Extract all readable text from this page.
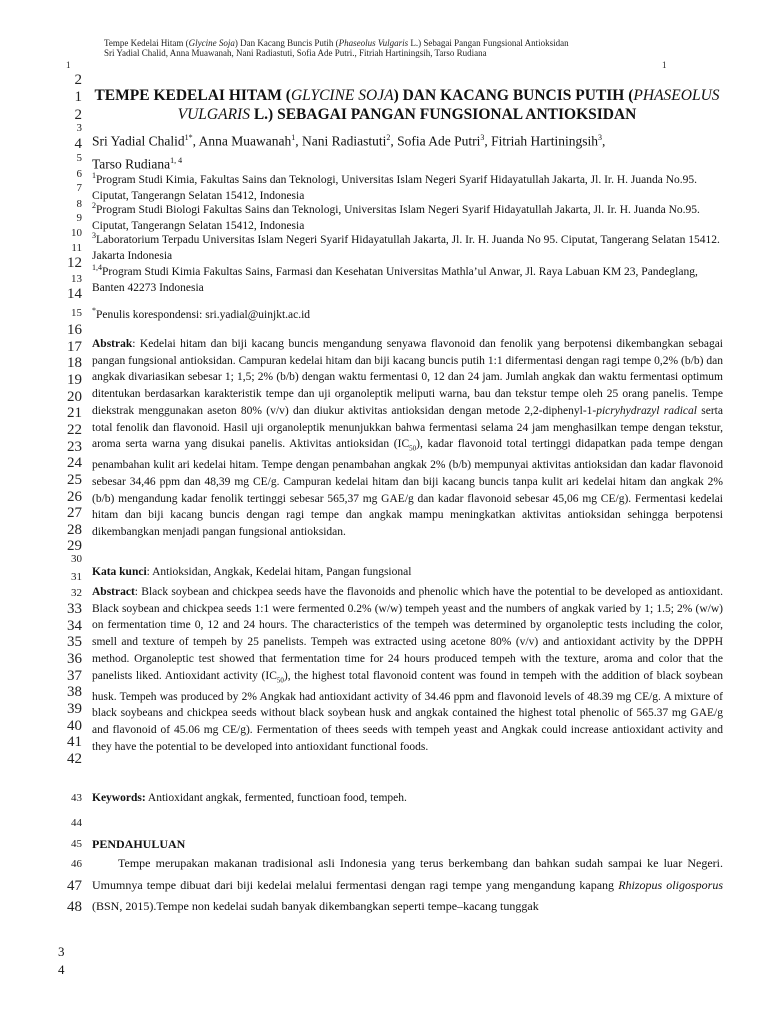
Tempe Kedelai Hitam (Glycine Soja) Dan Kacang Buncis Putih (Phaseolus Vulgaris L.) Sebagai Pangan Fungsional Antioksidan
Sri Yadial Chalid, Anna Muawanah, Nani Radiastuti, Sofia Ade Putri., Fitriah Hartiningsih, Tarso Rudiana
1	1
2
1
2
3
4
5
6
7
8
9
10
11
12
13
14
15
16
17
18
19
20
21
22
23
24
25
26
27
28
29
30
31
32
33
34
35
36
37
38
39
40
41
42
43
44
45
46
47
48
TEMPE KEDELAI HITAM (GLYCINE SOJA) DAN KACANG BUNCIS PUTIH (PHASEOLUS VULGARIS L.) SEBAGAI PANGAN FUNGSIONAL ANTIOKSIDAN
Sri Yadial Chalid$^{1*}$, Anna Muawanah$^1$, Nani Radiastuti$^2$, Sofia Ade Putri$^3$, Fitriah Hartiningsih$^3$,
Tarso Rudiana$^{1, 4}$
$^1$Program Studi Kimia, Fakultas Sains dan Teknologi, Universitas Islam Negeri Syarif Hidayatullah Jakarta, Jl. Ir. H. Juanda No.95. Ciputat, Tangerangn Selatan 15412, Indonesia
$^2$Program Studi Biologi Fakultas Sains dan Teknologi, Universitas Islam Negeri Syarif Hidayatullah Jakarta, Jl. Ir. H. Juanda No.95. Ciputat, Tangerangn Selatan 15412, Indonesia
$^3$Laboratorium Terpadu Universitas Islam Negeri Syarif Hidayatullah Jakarta, Jl. Ir. H. Juanda No 95. Ciputat, Tangerang Selatan 15412. Jakarta Indonesia
$^{1,4}$Program Studi Kimia Fakultas Sains, Farmasi dan Kesehatan Universitas Mathla’ul Anwar, Jl. Raya Labuan KM 23, Pandeglang, Banten 42273 Indonesia
*Penulis korespondensi: sri.yadial@uinjkt.ac.id
Abstrak: Kedelai hitam dan biji kacang buncis mengandung senyawa flavonoid dan fenolik yang berpotensi dikembangkan sebagai pangan fungsional antioksidan. Campuran kedelai hitam dan biji kacang buncis putih 1:1 difermentasi dengan ragi tempe 0,2% (b/b) dan angkak divariasikan sebesar 1; 1,5; 2% (b/b) dengan waktu fermentasi 0, 12 dan 24 jam. Jumlah angkak dan waktu fermentasi optimum ditentukan berdasarkan karakteristik tempe dan uji organoleptik meliputi warna, bau dan tekstur tempe oleh 25 orang panelis. Tempe diekstrak menggunakan aseton 80% (v/v) dan diukur aktivitas antioksidan dengan metode 2,2-diphenyl-1-picryhydrazyl radical serta total fenolik dan flavonoid. Hasil uji organoleptik menunjukkan bahwa fermentasi selama 24 jam menghasilkan tempe dengan tekstur, aroma serta warna yang disukai panelis. Aktivitas antioksidan $(IC_{50})$, kadar flavonoid total tertinggi didapatkan pada tempe dengan penambahan kulit ari kedelai hitam. Tempe dengan penambahan angkak 2% (b/b) mempunyai aktivitas antioksidan dan kadar flavonoid sebesar 34,46 ppm dan 48,39 mg CE/g. Campuran kedelai hitam dan biji kacang buncis tanpa kulit ari kedelai hitam dan angkak 2%(b/b) mengandung kadar fenolik tertinggi sebesar 565,37 mg GAE/g dan kadar flavonoid sebesar 45,06 mg CE/g). Fermentasi kedelai hitam dan biji kacang buncis dengan ragi tempe dan angkak mampu meningkatkan aktivitas antioksidan sehingga berpotensi dikembangkan menjadi pangan fungsional antioksidan.
Kata kunci: Antioksidan, Angkak, Kedelai hitam, Pangan fungsional
Abstract: Black soybean and chickpea seeds have the flavonoids and phenolic which have the potential to be developed as antioxidant. Black soybean and chickpea seeds 1:1 were fermented 0.2% (w/w) tempeh yeast and the numbers of angkak varied by 1; 1.5; 2% (w/w) on fermentation time 0, 12 and 24 hours. The characteristics of the tempeh was determined by organoleptic tests including the color, smell and texture of tempeh by 25 panelists. Tempeh was extracted using acetone 80% (v/v) and antioxidant activity by the DPPH method. Organoleptic test showed that fermentation time for 24 hours produced tempeh with the texture, aroma and color that the panelists liked. Antioxidant activity $(IC_{50})$, the highest total flavonoid content was found in tempeh with the addition of black soybean husk. Tempeh was produced by 2% Angkak had antioxidant activity of 34.46 ppm and flavonoid levels of 48.39 mg CE/g. A mixture of black soybeans and chickpea seeds without black soybean husk and angkak contained the highest total phenolic of 565.37 mg GAE/g and flavonoid of 45.06 mg CE/g). Fermentation of thees seeds with tempeh yeast and Angkak could increase antioxidant activity and they have the potential to be developed into antioxidant functional foods.
Keywords: Antioxidant angkak, fermented, functioan food, tempeh.
PENDAHULUAN
Tempe merupakan makanan tradisional asli Indonesia yang terus berkembang dan bahkan sudah sampai ke luar Negeri. Umumnya tempe dibuat dari biji kedelai melalui fermentasi dengan ragi tempe yang mengandung kapang Rhizopus oligosporus (BSN, 2015).Tempe non kedelai sudah banyak dikembangkan seperti tempe–kacang tunggak
3
4
